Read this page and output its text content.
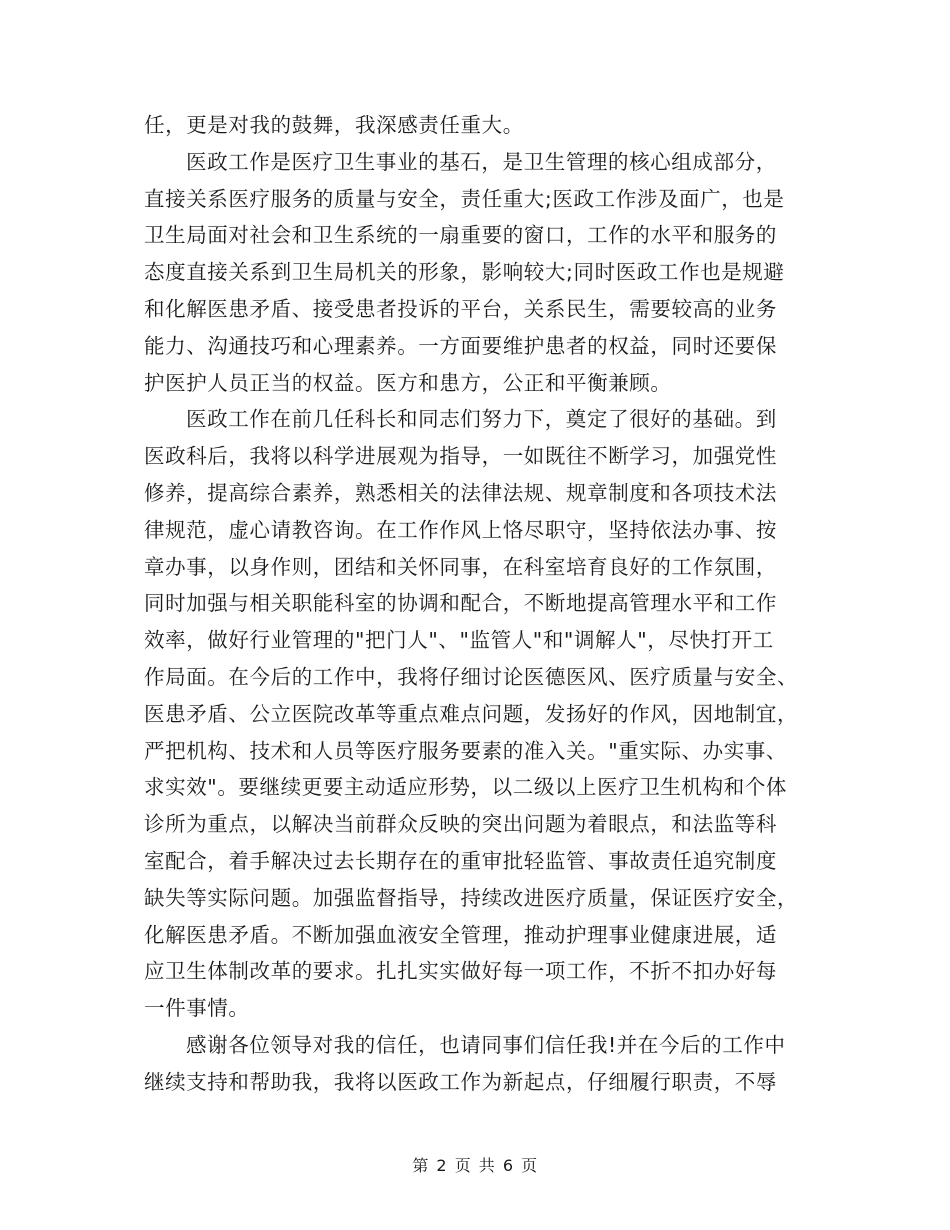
任，更是对我的鼓舞，我深感责任重大。
医政工作是医疗卫生事业的基石，是卫生管理的核心组成部分，
直接关系医疗服务的质量与安全，责任重大;医政工作涉及面广，也是
卫生局面对社会和卫生系统的一扇重要的窗口，工作的水平和服务的
态度直接关系到卫生局机关的形象，影响较大;同时医政工作也是规避
和化解医患矛盾、接受患者投诉的平台，关系民生，需要较高的业务
能力、沟通技巧和心理素养。一方面要维护患者的权益，同时还要保
护医护人员正当的权益。医方和患方，公正和平衡兼顾。
医政工作在前几任科长和同志们努力下，奠定了很好的基础。到
医政科后，我将以科学进展观为指导，一如既往不断学习，加强党性
修养，提高综合素养，熟悉相关的法律法规、规章制度和各项技术法
律规范，虚心请教咨询。在工作作风上恪尽职守，坚持依法办事、按
章办事，以身作则，团结和关怀同事，在科室培育良好的工作氛围，
同时加强与相关职能科室的协调和配合，不断地提高管理水平和工作
效率，做好行业管理的"把门人"、"监管人"和"调解人"，尽快打开工
作局面。在今后的工作中，我将仔细讨论医德医风、医疗质量与安全、
医患矛盾、公立医院改革等重点难点问题，发扬好的作风，因地制宜，
严把机构、技术和人员等医疗服务要素的准入关。"重实际、办实事、
求实效"。要继续更要主动适应形势，以二级以上医疗卫生机构和个体
诊所为重点，以解决当前群众反映的突出问题为着眼点，和法监等科
室配合，着手解决过去长期存在的重审批轻监管、事故责任追究制度
缺失等实际问题。加强监督指导，持续改进医疗质量，保证医疗安全，
化解医患矛盾。不断加强血液安全管理，推动护理事业健康进展，适
应卫生体制改革的要求。扎扎实实做好每一项工作，不折不扣办好每
一件事情。
感谢各位领导对我的信任，也请同事们信任我!并在今后的工作中
继续支持和帮助我，我将以医政工作为新起点，仔细履行职责，不辱
第 2 页 共 6 页
